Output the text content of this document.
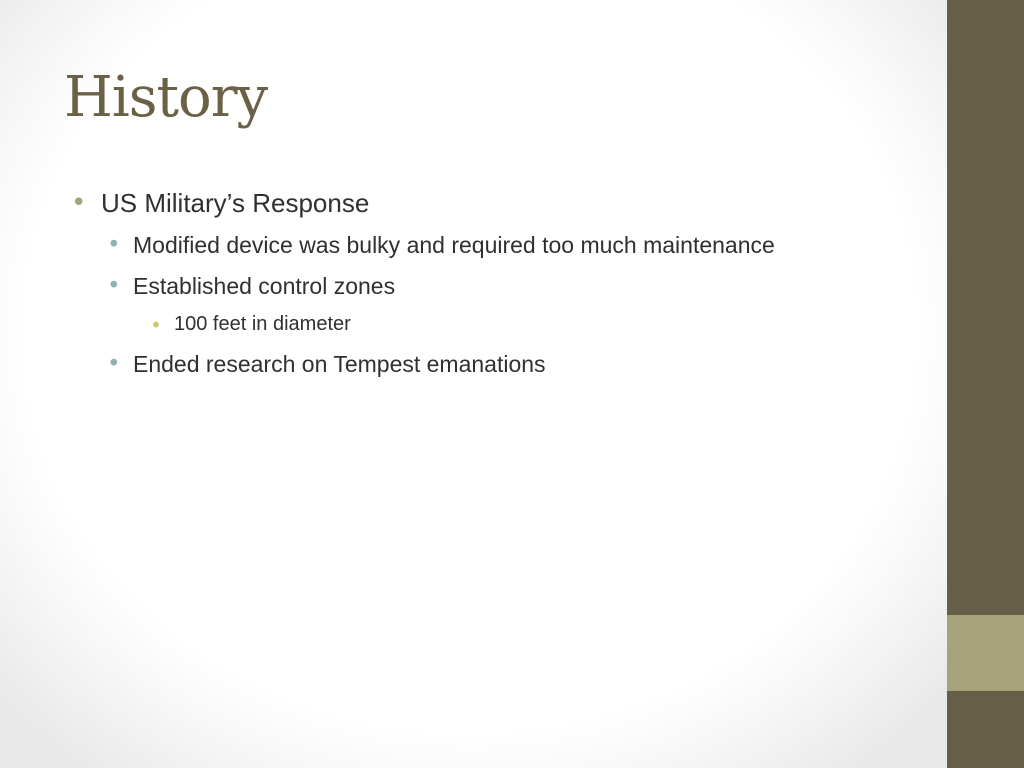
History
• US Military’s Response
• Modified device was bulky and required too much maintenance
• Established control zones
• 100 feet in diameter
• Ended research on Tempest emanations
